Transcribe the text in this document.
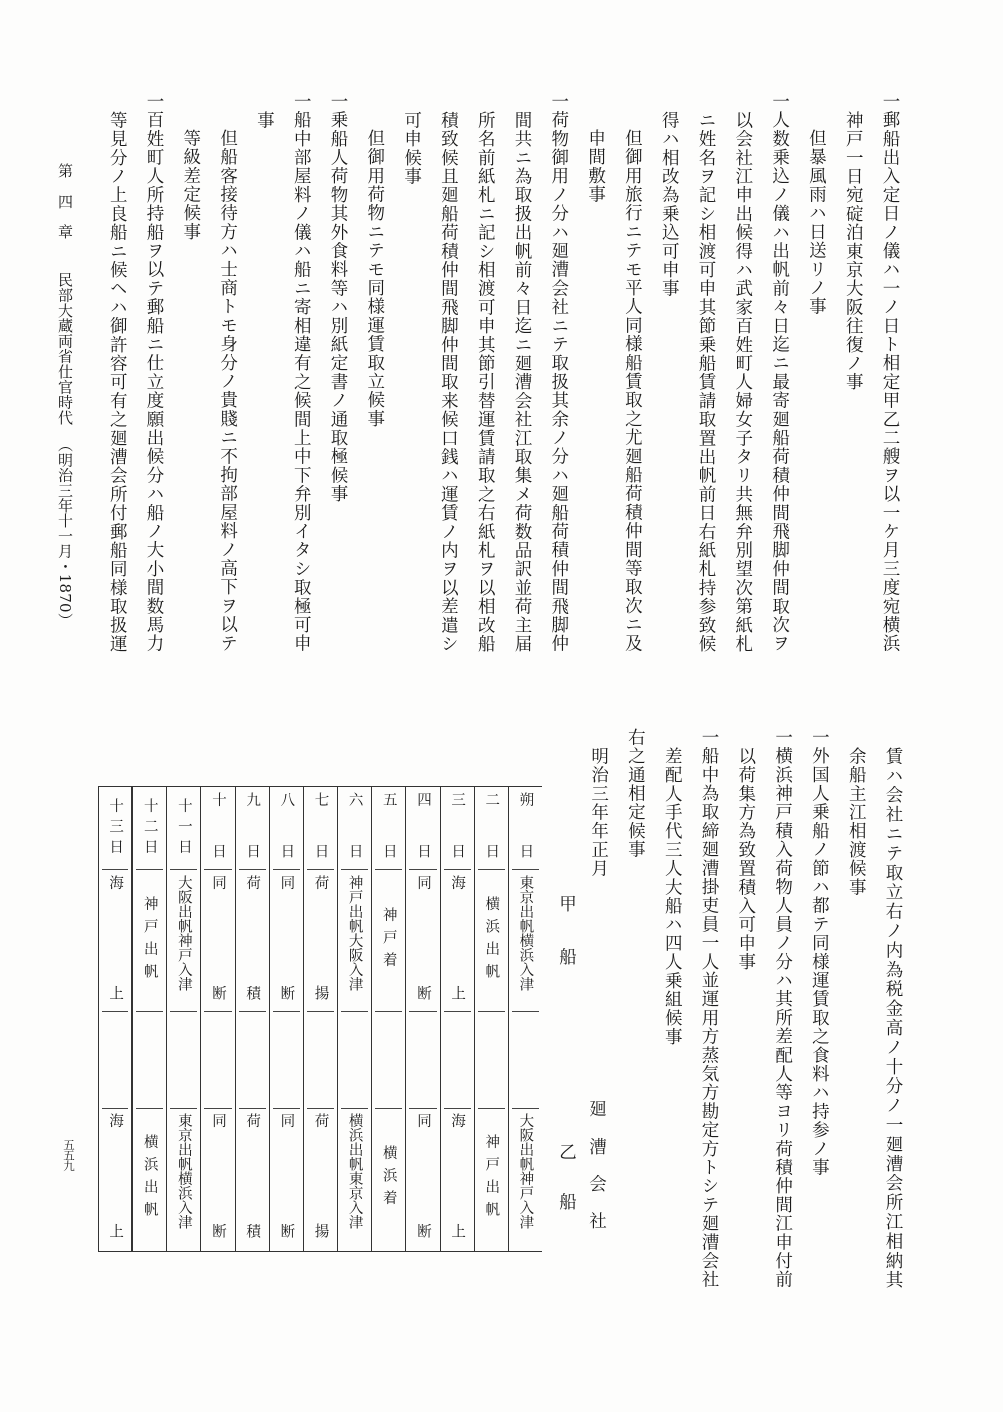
五五九
朔日
東京出帆横浜入津
大阪出帆神戸入津
二日
横浜出帆
神戸出帆
三日
海上
海上
四日
同断
同断
五日
神戸着
横浜着
六日
神戸出帆大阪入津
横浜出帆東京入津
七日
荷揚
荷揚
八日
同断
同断
九日
荷積
荷積
十日
同断
同断
十一日
大阪出帆神戸入津
東京出帆横浜入津
十二日
神戸出帆
横浜出帆
十三日
海上
海上
一郵船出入定日ノ儀ハ一ノ日ト相定甲乙二艘ヲ以一ケ月三度宛横浜
神戸一日宛碇泊東京大阪往復ノ事
但暴風雨ハ日送リノ事
一人数乗込ノ儀ハ出帆前々日迄ニ最寄廻船荷積仲間飛脚仲間取次ヲ
以会社江申出候得ハ武家百姓町人婦女子タリ共無弁別望次第紙札
ニ姓名ヲ記シ相渡可申其節乗船賃請取置出帆前日右紙札持参致候
得ハ相改為乗込可申事
但御用旅行ニテモ平人同様船賃取之尤廻船荷積仲間等取次ニ及
申間敷事
一荷物御用ノ分ハ廻漕会社ニテ取扱其余ノ分ハ廻船荷積仲間飛脚仲
間共ニ為取扱出帆前々日迄ニ廻漕会社江取集メ荷数品訳並荷主届
所名前紙札ニ記シ相渡可申其節引替運賃請取之右紙札ヲ以相改船
積致候且廻船荷積仲間飛脚仲間取来候口銭ハ運賃ノ内ヲ以差遣シ
可申候事
但御用荷物ニテモ同様運賃取立候事
一乗船人荷物其外食料等ハ別紙定書ノ通取極候事
一船中部屋料ノ儀ハ船ニ寄相違有之候間上中下弁別イタシ取極可申
事
但船客接待方ハ士商トモ身分ノ貴賤ニ不拘部屋料ノ高下ヲ以テ
等級差定候事
一百姓町人所持船ヲ以テ郵船ニ仕立度願出候分ハ船ノ大小間数馬力
等見分ノ上良船ニ候ヘハ御許容可有之廻漕会所付郵船同様取扱運
賃ハ会社ニテ取立右ノ内為税金高ノ十分ノ一廻漕会所江相納其
余船主江相渡候事
一外国人乗船ノ節ハ都テ同様運賃取之食料ハ持参ノ事
一横浜神戸積入荷物人員ノ分ハ其所差配人等ヨリ荷積仲間江申付前
以荷集方為致置積入可申事
一船中為取締廻漕掛吏員一人並運用方蒸気方勘定方トシテ廻漕会社
差配人手代三人大船ハ四人乗組候事
右之通相定候事
明治三年年正月
廻
漕
会
社
甲
船
乙
船
第
四
章
民部大蔵両省仕官時代
（明治三年十一月・1870）
